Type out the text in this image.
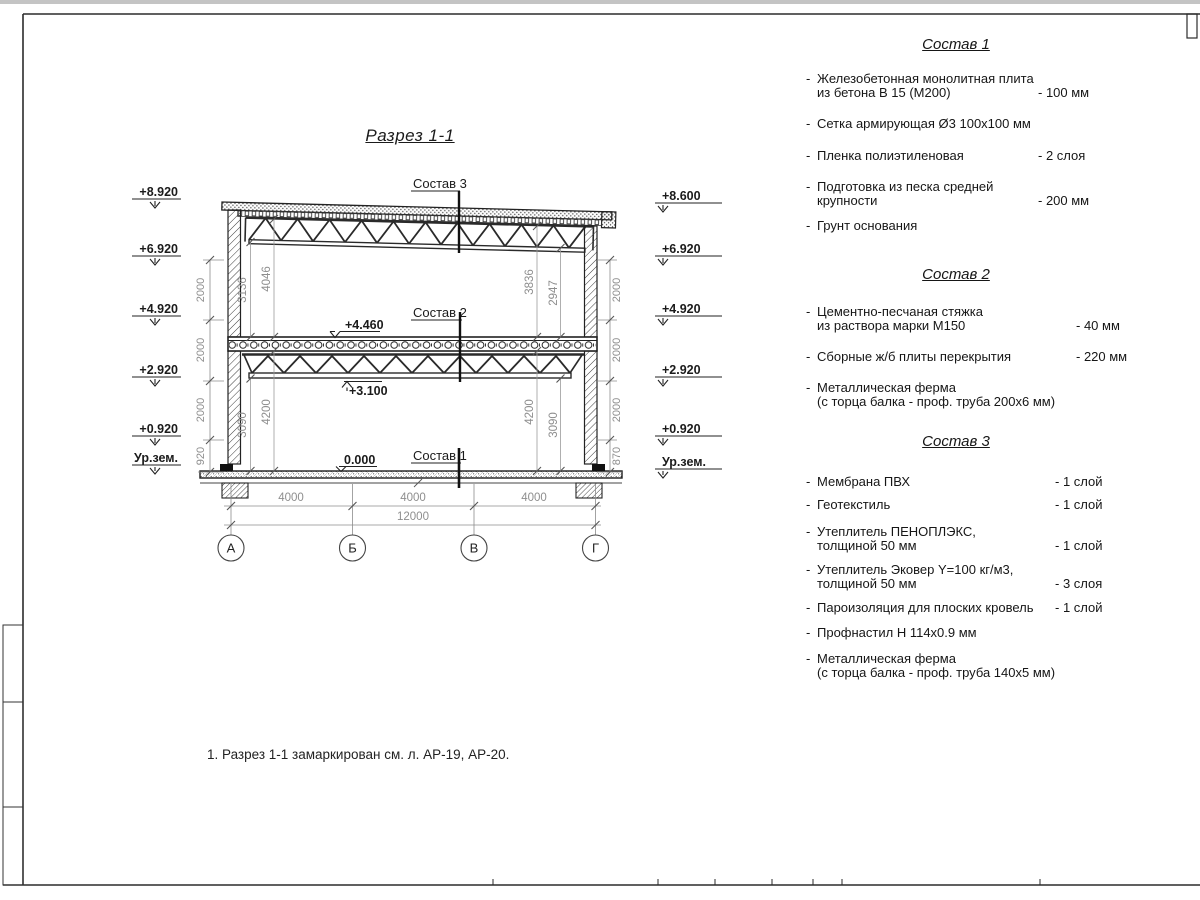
+8.920
+6.920
+4.920
+2.920
+0.920
Ур.зем.
+8.600
+6.920
+4.920
+2.920
+0.920
Ур.зем.
2000
2000
2000
920
2000
2000
2000
870
3136 4046
3090
4200
3836 2947
4200
3090
+4.460
+3.100
0.000
Состав 3
Состав 2
Состав 1
4000	4000	4000
12000
А	Б	В	Г
Разрез 1-1
1. Разрез 1-1 замаркирован см. л. АР-19, АР-20.
Состав 1
- Железобетонная монолитная плита
из бетона В 15 (М200)	- 100 мм
- Сетка армирующая Ø3 100x100 мм
- Пленка полиэтиленовая	- 2 слоя
- Подготовка из песка средней
крупности	- 200 мм
- Грунт основания
Состав 2
- Цементно-песчаная стяжка
из раствора марки М150	- 40 мм
- Сборные ж/б плиты перекрытия	- 220 мм
- Металлическая ферма
(с торца балка - проф. труба 200x6 мм)
Состав 3
- Мембрана ПВХ	- 1 слой
- Геотекстиль	- 1 слой
- Утеплитель ПЕНОПЛЭКС,
толщиной 50 мм	- 1 слой
- Утеплитель Эковер Y=100 кг/м3,
толщиной 50 мм	- 3 слоя
- Пароизоляция для плоских кровель	- 1 слой
- Профнастил Н 114x0.9 мм
- Металлическая ферма
(с торца балка - проф. труба 140x5 мм)
